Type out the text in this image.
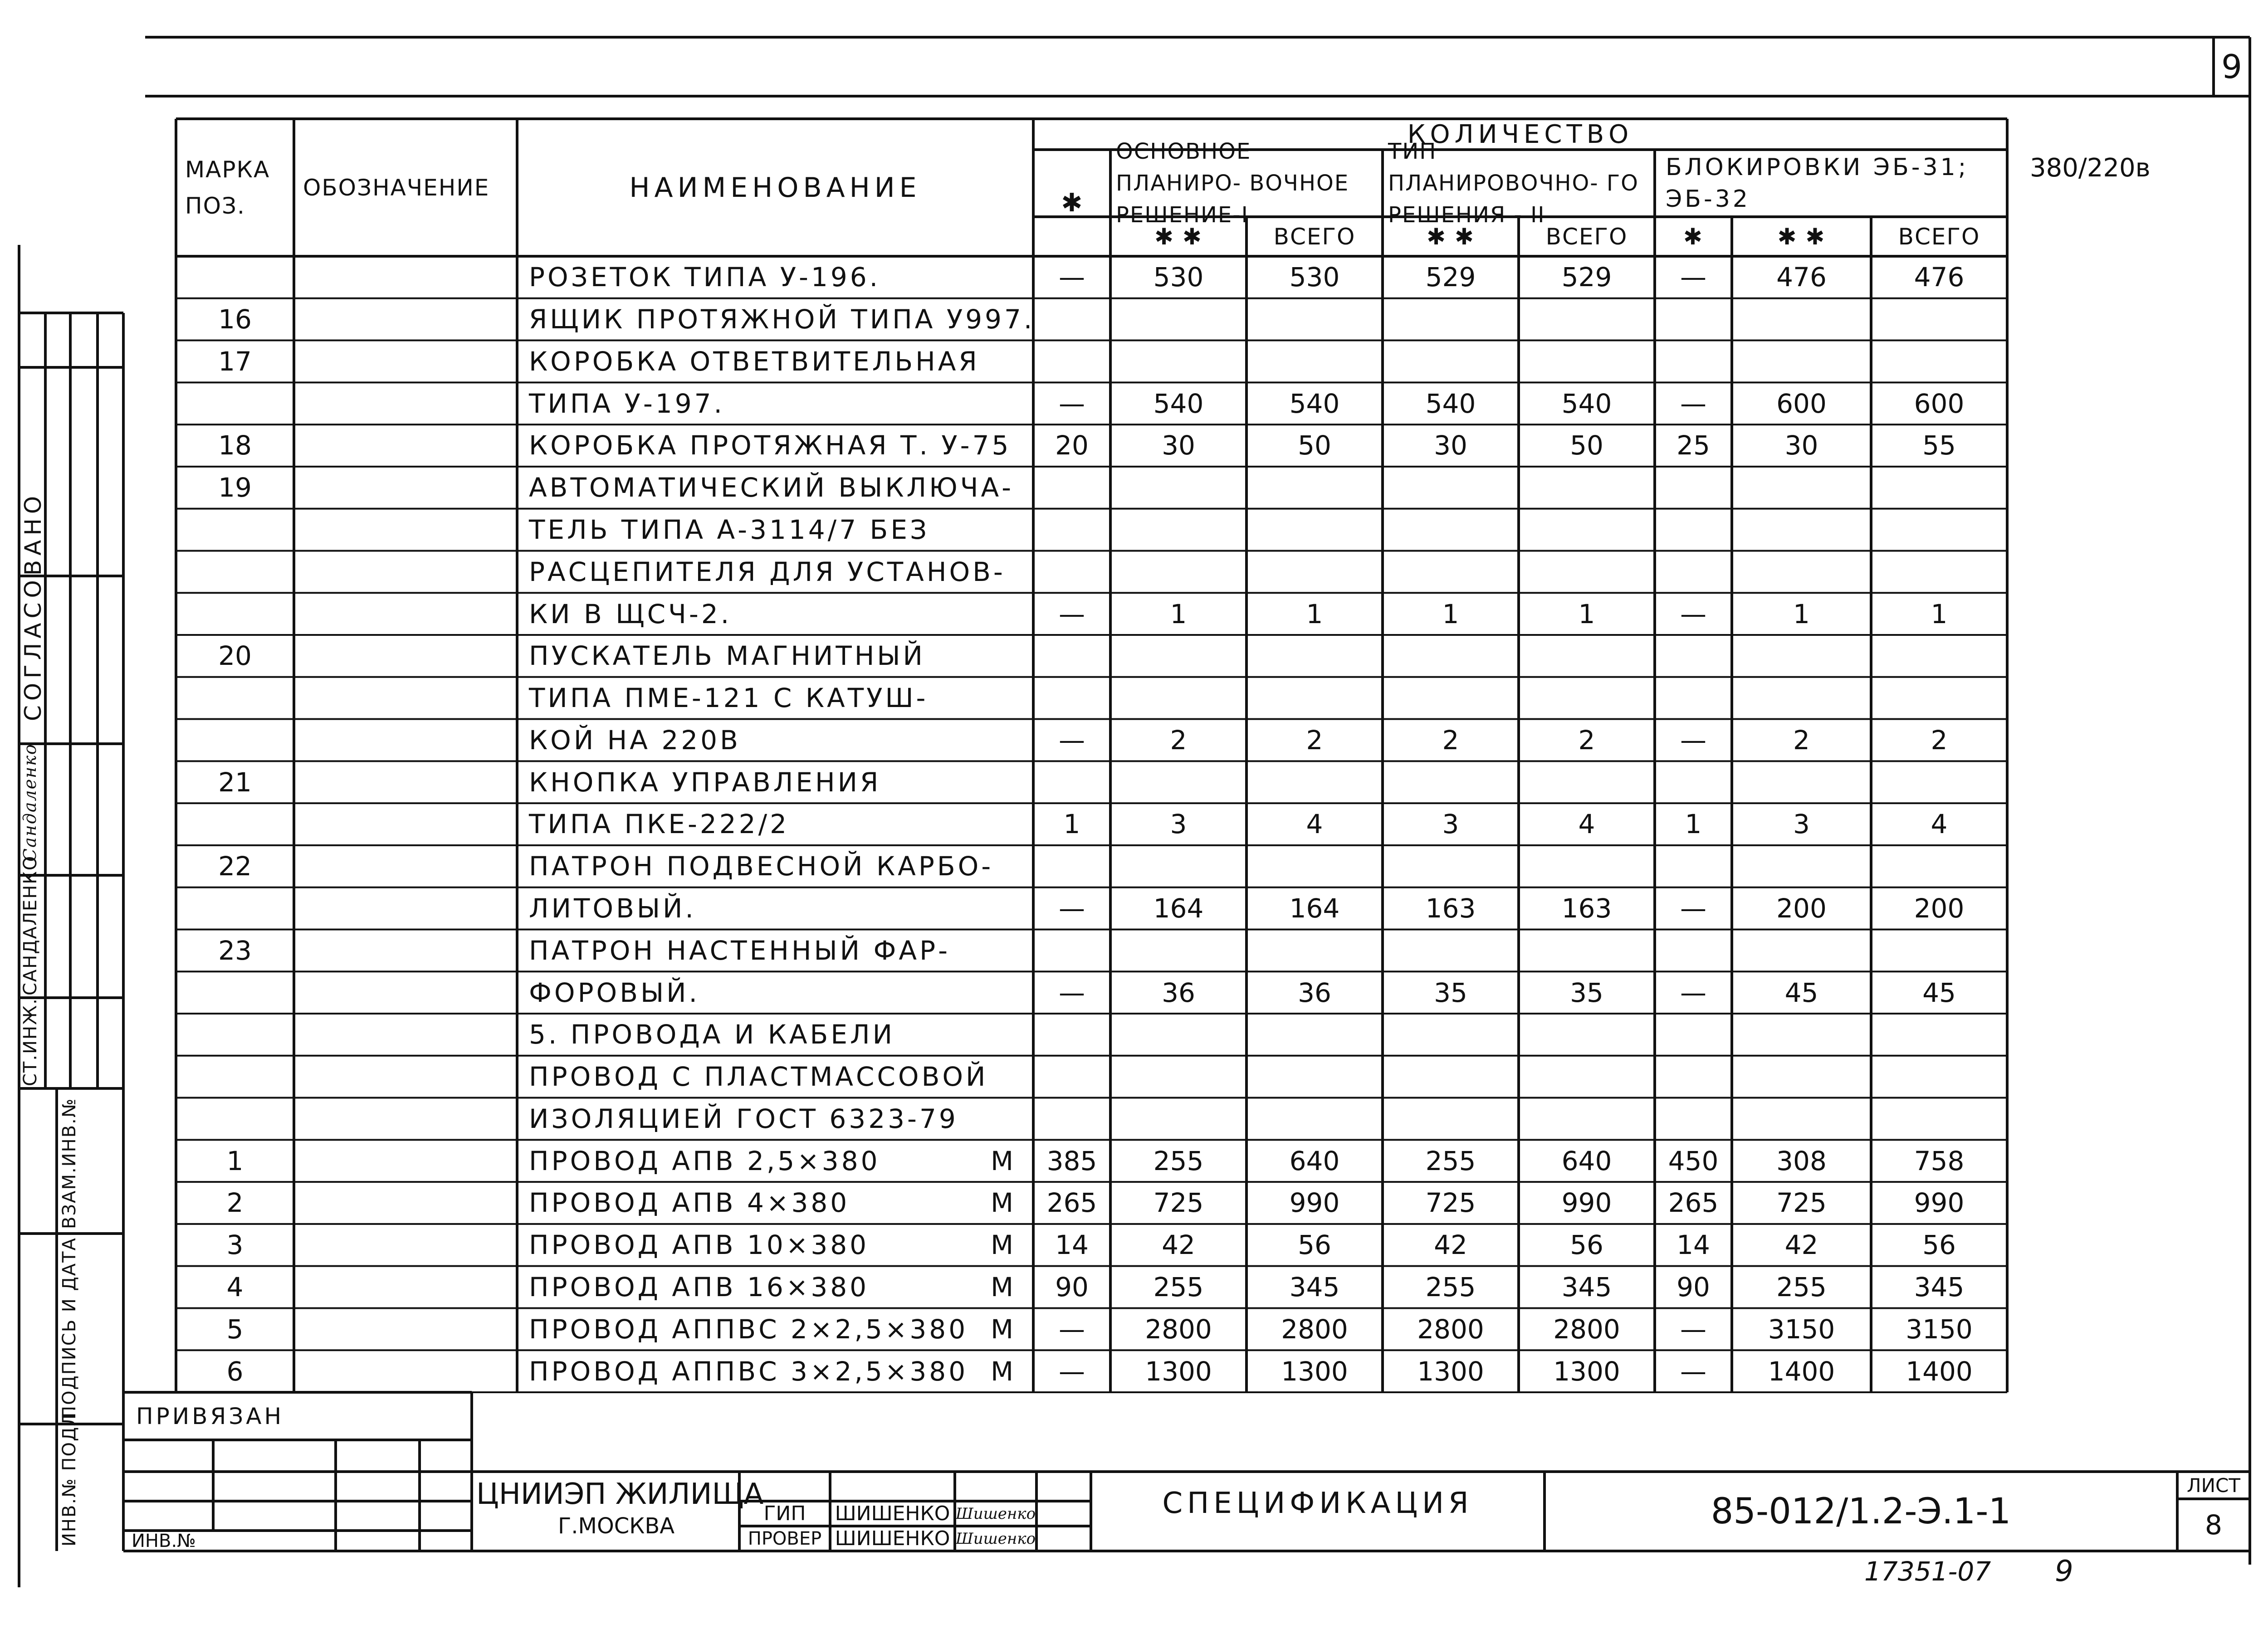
9
380/220в
МАРКА ПОЗ.
ОБОЗНАЧЕНИЕ	НАИМЕНОВАНИЕ
КОЛИЧЕСТВО
✱
ОСНОВНОЕ ПЛАНИРО- ВОЧНОЕ РЕШЕНИЕ-I
ТИП ПЛАНИРОВОЧНО- ГО РЕШЕНИЯ - II
БЛОКИРОВКИ ЭБ-31; ЭБ-32
✱ ✱	ВСЕГО	✱ ✱	ВСЕГО	✱	✱ ✱	ВСЕГО
РОЗЕТОК ТИПА У-196.	—	530	530	529	529	—	476	476
16	ЯЩИК ПРОТЯЖНОЙ ТИПА У997.
17	КОРОБКА ОТВЕТВИТЕЛЬНАЯ
ТИПА У-197.	—	540	540	540	540	—	600	600
18	КОРОБКА ПРОТЯЖНАЯ Т. У-75	20	30	50	30	50	25	30	55
19	АВТОМАТИЧЕСКИЙ ВЫКЛЮЧА-
ТЕЛЬ ТИПА А-3114/7 БЕЗ
РАСЦЕПИТЕЛЯ ДЛЯ УСТАНОВ-
КИ В ЩСЧ-2.	—	1	1	1	1	—	1	1
20	ПУСКАТЕЛЬ МАГНИТНЫЙ
ТИПА ПМЕ-121 С КАТУШ-
КОЙ НА 220В	—	2	2	2	2	—	2	2
21	КНОПКА УПРАВЛЕНИЯ
ТИПА ПКЕ-222/2	1	3	4	3	4	1	3	4
22	ПАТРОН ПОДВЕСНОЙ КАРБО-
ЛИТОВЫЙ.	—	164	164	163	163	—	200	200
23	ПАТРОН НАСТЕННЫЙ ФАР-
ФОРОВЫЙ.	—	36	36	35	35	—	45	45
5. ПРОВОДА И КАБЕЛИ
ПРОВОД С ПЛАСТМАССОВОЙ
ИЗОЛЯЦИЕЙ ГОСТ 6323-79
1	ПРОВОД АПВ 2,5×380	М	385	255	640	255	640	450	308	758
2	ПРОВОД АПВ 4×380	М	265	725	990	725	990	265	725	990
3	ПРОВОД АПВ 10×380	М	14	42	56	42	56	14	42	56
4	ПРОВОД АПВ 16×380	М	90	255	345	255	345	90	255	345
5	ПРОВОД АППВС 2×2,5×380 М	—	2800	2800	2800	2800	—	3150	3150
6	ПРОВОД АППВС 3×2,5×380 М	—	1300	1300	1300	1300	—	1400	1400
СОГЛАСОВАНО
САНДАЛЕНКО
Сандаленко
СТ.ИНЖ.
ВЗАМ.ИНВ.№
ПОДПИСЬ И ДАТА
ИНВ.№ ПОДЛ. ПРИВЯЗАН
ИНВ.№
ЦНИИЭП ЖИЛИЩА
Г.МОСКВА	ГИП	ШИШЕНКО Шишенко
ПРОВЕР ШИШЕНКО Шишенко
СПЕЦИФИКАЦИЯ	85-012/1.2-Э.1-1
ЛИСТ
8
17351-07 9
